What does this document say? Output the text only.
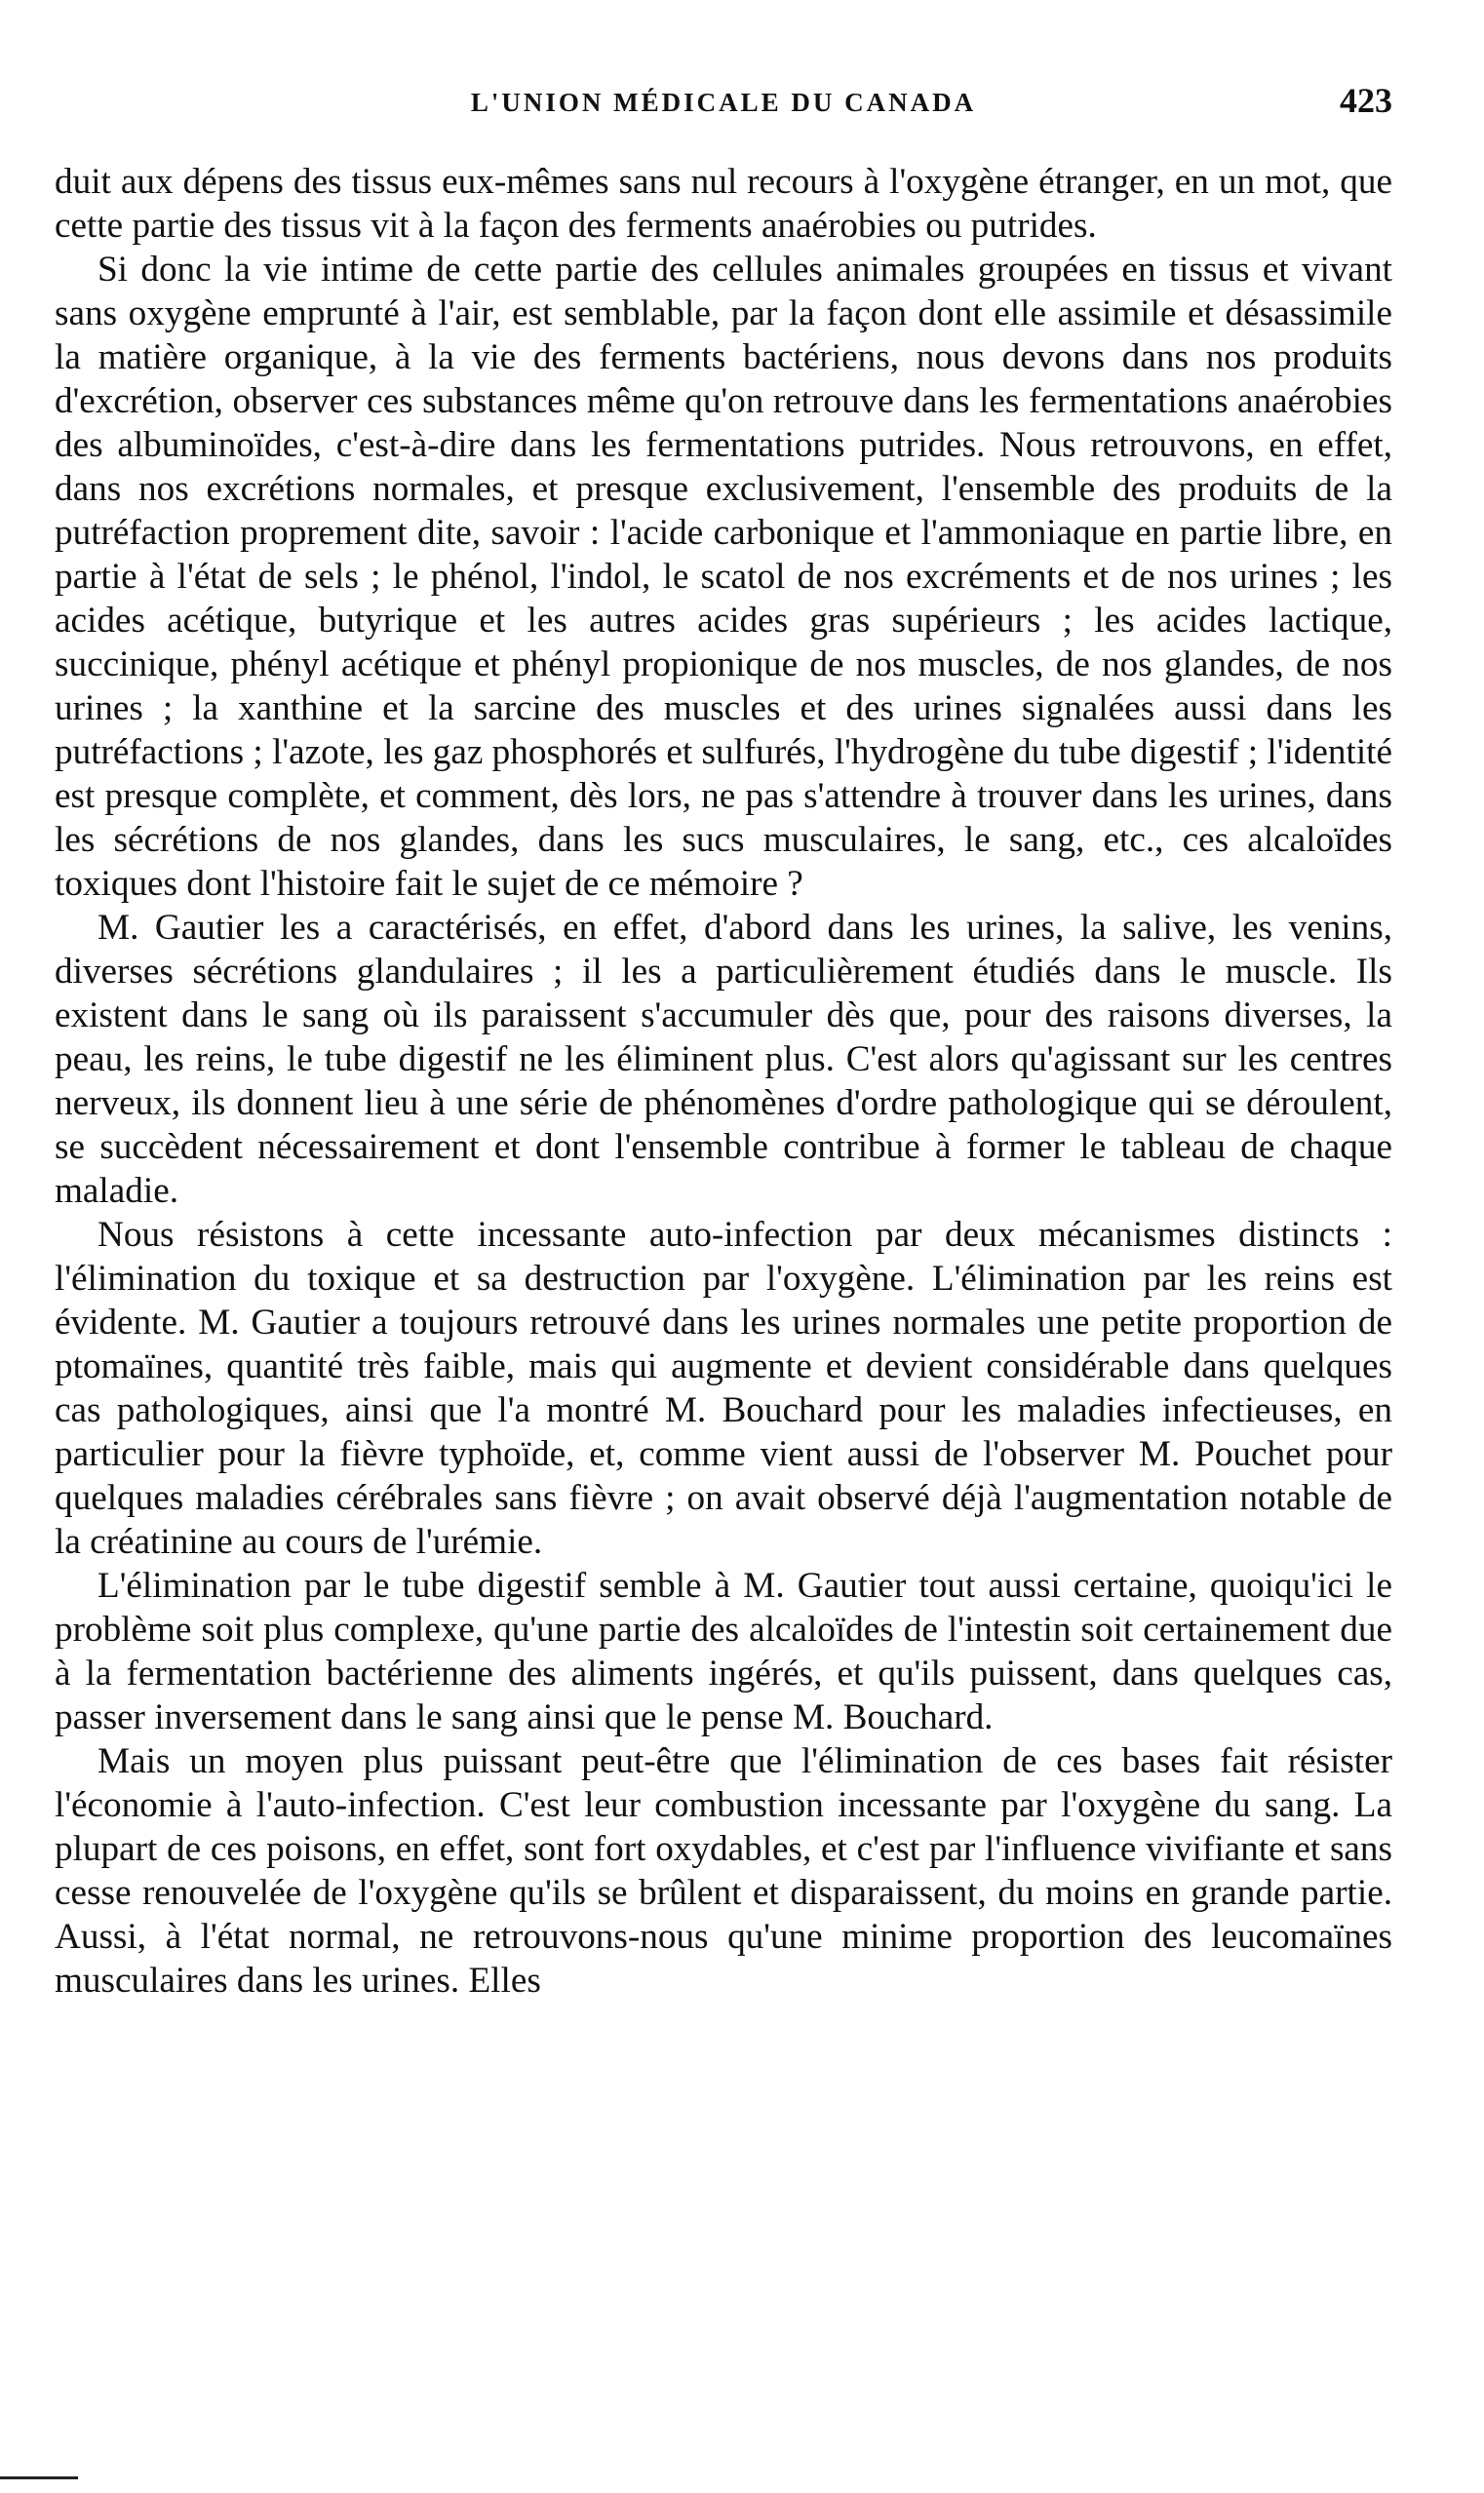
L'UNION MÉDICALE DU CANADA	423

duit aux dépens des tissus eux-mêmes sans nul recours à l'oxygène étranger, en un mot, que cette partie des tissus vit à la façon des ferments anaérobies ou putrides.

Si donc la vie intime de cette partie des cellules animales groupées en tissus et vivant sans oxygène emprunté à l'air, est semblable, par la façon dont elle assimile et désassimile la matière organique, à la vie des ferments bactériens, nous devons dans nos produits d'excrétion, observer ces substances même qu'on retrouve dans les fermentations anaérobies des albuminoïdes, c'est-à-dire dans les fermentations putrides. Nous retrouvons, en effet, dans nos excrétions normales, et presque exclusivement, l'ensemble des produits de la putréfaction proprement dite, savoir : l'acide carbonique et l'ammoniaque en partie libre, en partie à l'état de sels ; le phénol, l'indol, le scatol de nos excréments et de nos urines ; les acides acétique, butyrique et les autres acides gras supérieurs ; les acides lactique, succinique, phényl acétique et phényl propionique de nos muscles, de nos glandes, de nos urines ; la xanthine et la sarcine des muscles et des urines signalées aussi dans les putréfactions ; l'azote, les gaz phosphorés et sulfurés, l'hydrogène du tube digestif ; l'identité est presque complète, et comment, dès lors, ne pas s'attendre à trouver dans les urines, dans les sécrétions de nos glandes, dans les sucs musculaires, le sang, etc., ces alcaloïdes toxiques dont l'histoire fait le sujet de ce mémoire ?

M. Gautier les a caractérisés, en effet, d'abord dans les urines, la salive, les venins, diverses sécrétions glandulaires ; il les a particulièrement étudiés dans le muscle. Ils existent dans le sang où ils paraissent s'accumuler dès que, pour des raisons diverses, la peau, les reins, le tube digestif ne les éliminent plus. C'est alors qu'agissant sur les centres nerveux, ils donnent lieu à une série de phénomènes d'ordre pathologique qui se déroulent, se succèdent nécessairement et dont l'ensemble contribue à former le tableau de chaque maladie.

Nous résistons à cette incessante auto-infection par deux mécanismes distincts : l'élimination du toxique et sa destruction par l'oxygène. L'élimination par les reins est évidente. M. Gautier a toujours retrouvé dans les urines normales une petite proportion de ptomaïnes, quantité très faible, mais qui augmente et devient considérable dans quelques cas pathologiques, ainsi que l'a montré M. Bouchard pour les maladies infectieuses, en particulier pour la fièvre typhoïde, et, comme vient aussi de l'observer M. Pouchet pour quelques maladies cérébrales sans fièvre ; on avait observé déjà l'augmentation notable de la créatinine au cours de l'urémie.

L'élimination par le tube digestif semble à M. Gautier tout aussi certaine, quoiqu'ici le problème soit plus complexe, qu'une partie des alcaloïdes de l'intestin soit certainement due à la fermentation bactérienne des aliments ingérés, et qu'ils puissent, dans quelques cas, passer inversement dans le sang ainsi que le pense M. Bouchard.

Mais un moyen plus puissant peut-être que l'élimination de ces bases fait résister l'économie à l'auto-infection. C'est leur combustion incessante par l'oxygène du sang. La plupart de ces poisons, en effet, sont fort oxydables, et c'est par l'influence vivifiante et sans cesse renouvelée de l'oxygène qu'ils se brûlent et disparaissent, du moins en grande partie. Aussi, à l'état normal, ne retrouvons-nous qu'une minime proportion des leucomaïnes musculaires dans les urines. Elles
